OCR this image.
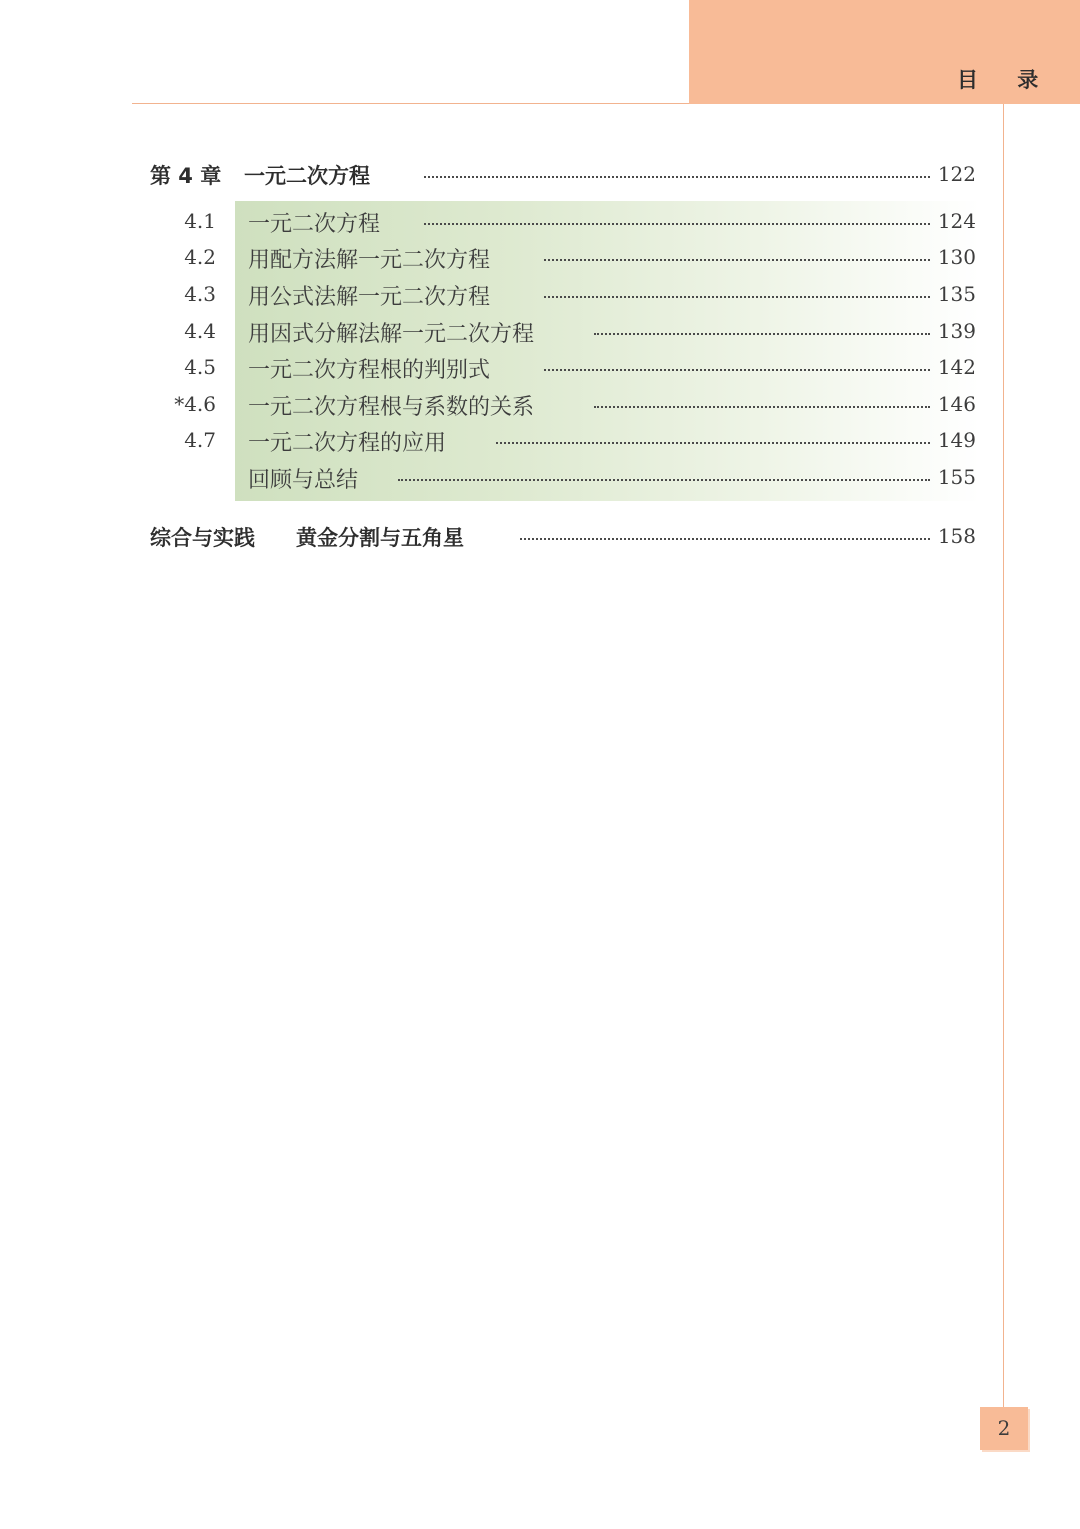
目 录
第 4 章 一元二次方程	122
4.1 一元二次方程	124
4.2 用配方法解一元二次方程	130
4.3 用公式法解一元二次方程	135
4.4 用因式分解法解一元二次方程	139
4.5 一元二次方程根的判别式	142
*4.6 一元二次方程根与系数的关系	146
4.7 一元二次方程的应用	149
回顾与总结	155
综合与实践 黄金分割与五角星	158
2
